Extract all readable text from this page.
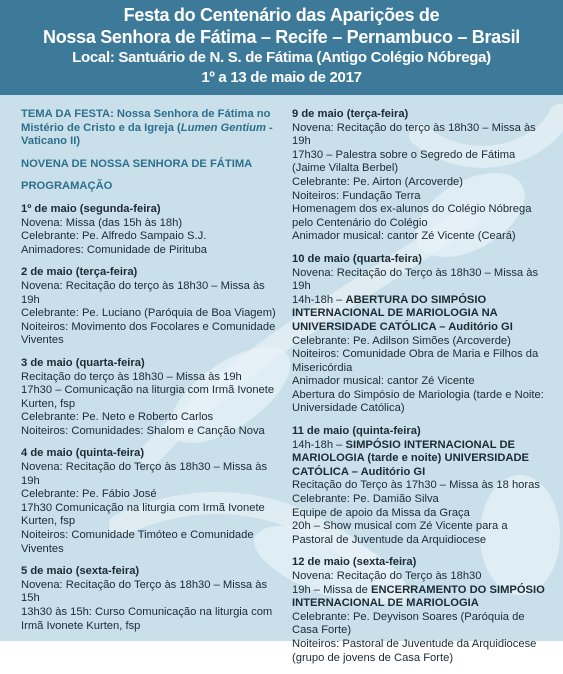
Festa do Centenário das Aparições de
Nossa Senhora de Fátima – Recife – Pernambuco – Brasil
Local: Santuário de N. S. de Fátima (Antigo Colégio Nóbrega)
1º a 13 de maio de 2017

TEMA DA FESTA: Nossa Senhora de Fátima no Mistério de Cristo e da Igreja (Lumen Gentium - Vaticano II)

NOVENA DE NOSSA SENHORA DE FÁTIMA

PROGRAMAÇÃO

1º de maio (segunda-feira)

Novena: Missa (das 15h às 18h)

Celebrante: Pe. Alfredo Sampaio S.J.

Animadores: Comunidade de Pirituba

2 de maio (terça-feira)

Novena: Recitação do terço às 18h30 – Missa às 19h

Celebrante: Pe. Luciano (Paróquia de Boa Viagem)

Noiteiros: Movimento dos Focolares e Comunidade Viventes

3 de maio (quarta-feira)

Recitação do terço às 18h30 – Missa às 19h

17h30 – Comunicação na liturgia com Irmã Ivonete Kurten, fsp

Celebrante: Pe. Neto e Roberto Carlos

Noiteiros: Comunidades: Shalom e Canção Nova

4 de maio (quinta-feira)

Novena: Recitação do Terço às 18h30 – Missa às 19h

Celebrante: Pe. Fábio José

17h30 Comunicação na liturgia com Irmã Ivonete Kurten, fsp

Noiteiros: Comunidade Timóteo e Comunidade Viventes

5 de maio (sexta-feira)

Novena: Recitação do Terço às 18h30 – Missa às 15h

13h30 às 15h: Curso Comunicação na liturgia com Irmã Ivonete Kurten, fsp

9 de maio (terça-feira)

Novena: Recitação do terço às 18h30 – Missa às 19h

17h30 – Palestra sobre o Segredo de Fátima (Jaime Vilalta Berbel)

Celebrante: Pe. Airton (Arcoverde)

Noiteiros: Fundação Terra

Homenagem dos ex-alunos do Colégio Nóbrega pelo Centenário do Colégio

Animador musical: cantor Zé Vicente (Ceará)

10 de maio (quarta-feira)

Novena: Recitação do Terço às 18h30 – Missa às 19h

14h-18h – ABERTURA DO SIMPÓSIO INTERNACIONAL DE MARIOLOGIA NA UNIVERSIDADE CATÓLICA – Auditório GI

Celebrante: Pe. Adilson Simões (Arcoverde)

Noiteiros: Comunidade Obra de Maria e Filhos da Misericórdia

Animador musical: cantor Zé Vicente

Abertura do Simpósio de Mariologia (tarde e Noite: Universidade Católica)

11 de maio (quinta-feira)

14h-18h – SIMPÓSIO INTERNACIONAL DE MARIOLOGIA (tarde e noite) UNIVERSIDADE CATÓLICA – Auditório GI

Recitação do Terço às 17h30 – Missa às 18 horas

Celebrante: Pe. Damião Silva

Equipe de apoio da Missa da Graça

20h – Show musical com Zé Vicente para a Pastoral de Juventude da Arquidiocese

12 de maio (sexta-feira)

Novena: Recitação do Terço às 18h30

19h – Missa de ENCERRAMENTO DO SIMPÓSIO INTERNACIONAL DE MARIOLOGIA

Celebrante: Pe. Deyvison Soares (Paróquia de Casa Forte)

Noiteiros: Pastoral de Juventude da Arquidiocese (grupo de jovens de Casa Forte)
